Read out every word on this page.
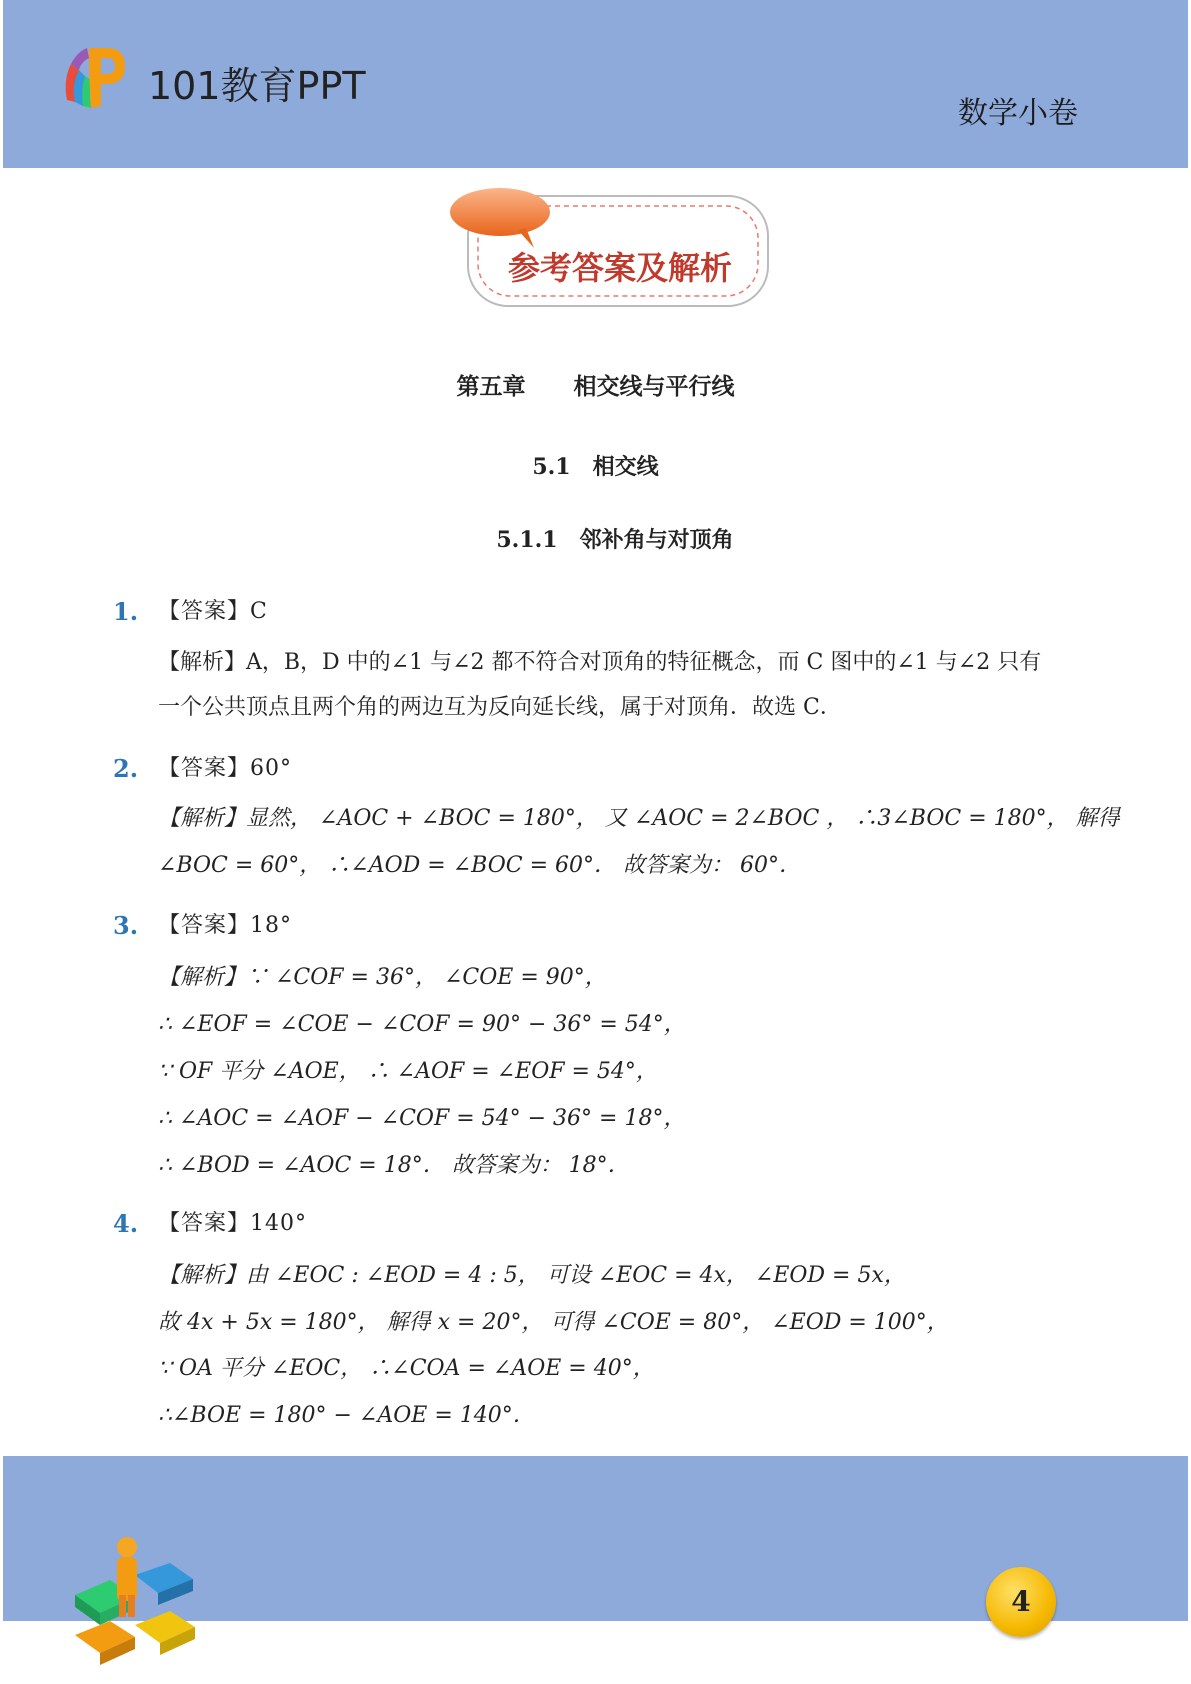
101教育PPT
数学小卷
参考答案及解析
第五章 相交线与平行线
5.1 相交线
5.1.1 邻补角与对顶角
1. 【答案】C
【解析】A，B，D 中的∠1 与∠2 都不符合对顶角的特征概念，而 C 图中的∠1 与∠2 只有
一个公共顶点且两个角的两边互为反向延长线，属于对顶角．故选 C．
2. 【答案】60°
【解析】显然， ∠AOC + ∠BOC = 180°， 又 ∠AOC = 2∠BOC ， ∴3∠BOC = 180°， 解得
∠BOC = 60°， ∴∠AOD = ∠BOC = 60°． 故答案为： 60°．
3. 【答案】18°
【解析】∵ ∠COF = 36°， ∠COE = 90°，
∴ ∠EOF = ∠COE − ∠COF = 90° − 36° = 54°，
∵ OF 平分 ∠AOE， ∴ ∠AOF = ∠EOF = 54°，
∴ ∠AOC = ∠AOF − ∠COF = 54° − 36° = 18°，
∴ ∠BOD = ∠AOC = 18°． 故答案为： 18°．
4. 【答案】140°
【解析】由 ∠EOC : ∠EOD = 4 : 5， 可设 ∠EOC = 4x， ∠EOD = 5x，
故 4x + 5x = 180°， 解得 x = 20°， 可得 ∠COE = 80°， ∠EOD = 100°，
∵ OA 平分 ∠EOC， ∴∠COA = ∠AOE = 40°，
∴∠BOE = 180° − ∠AOE = 140°．
4
